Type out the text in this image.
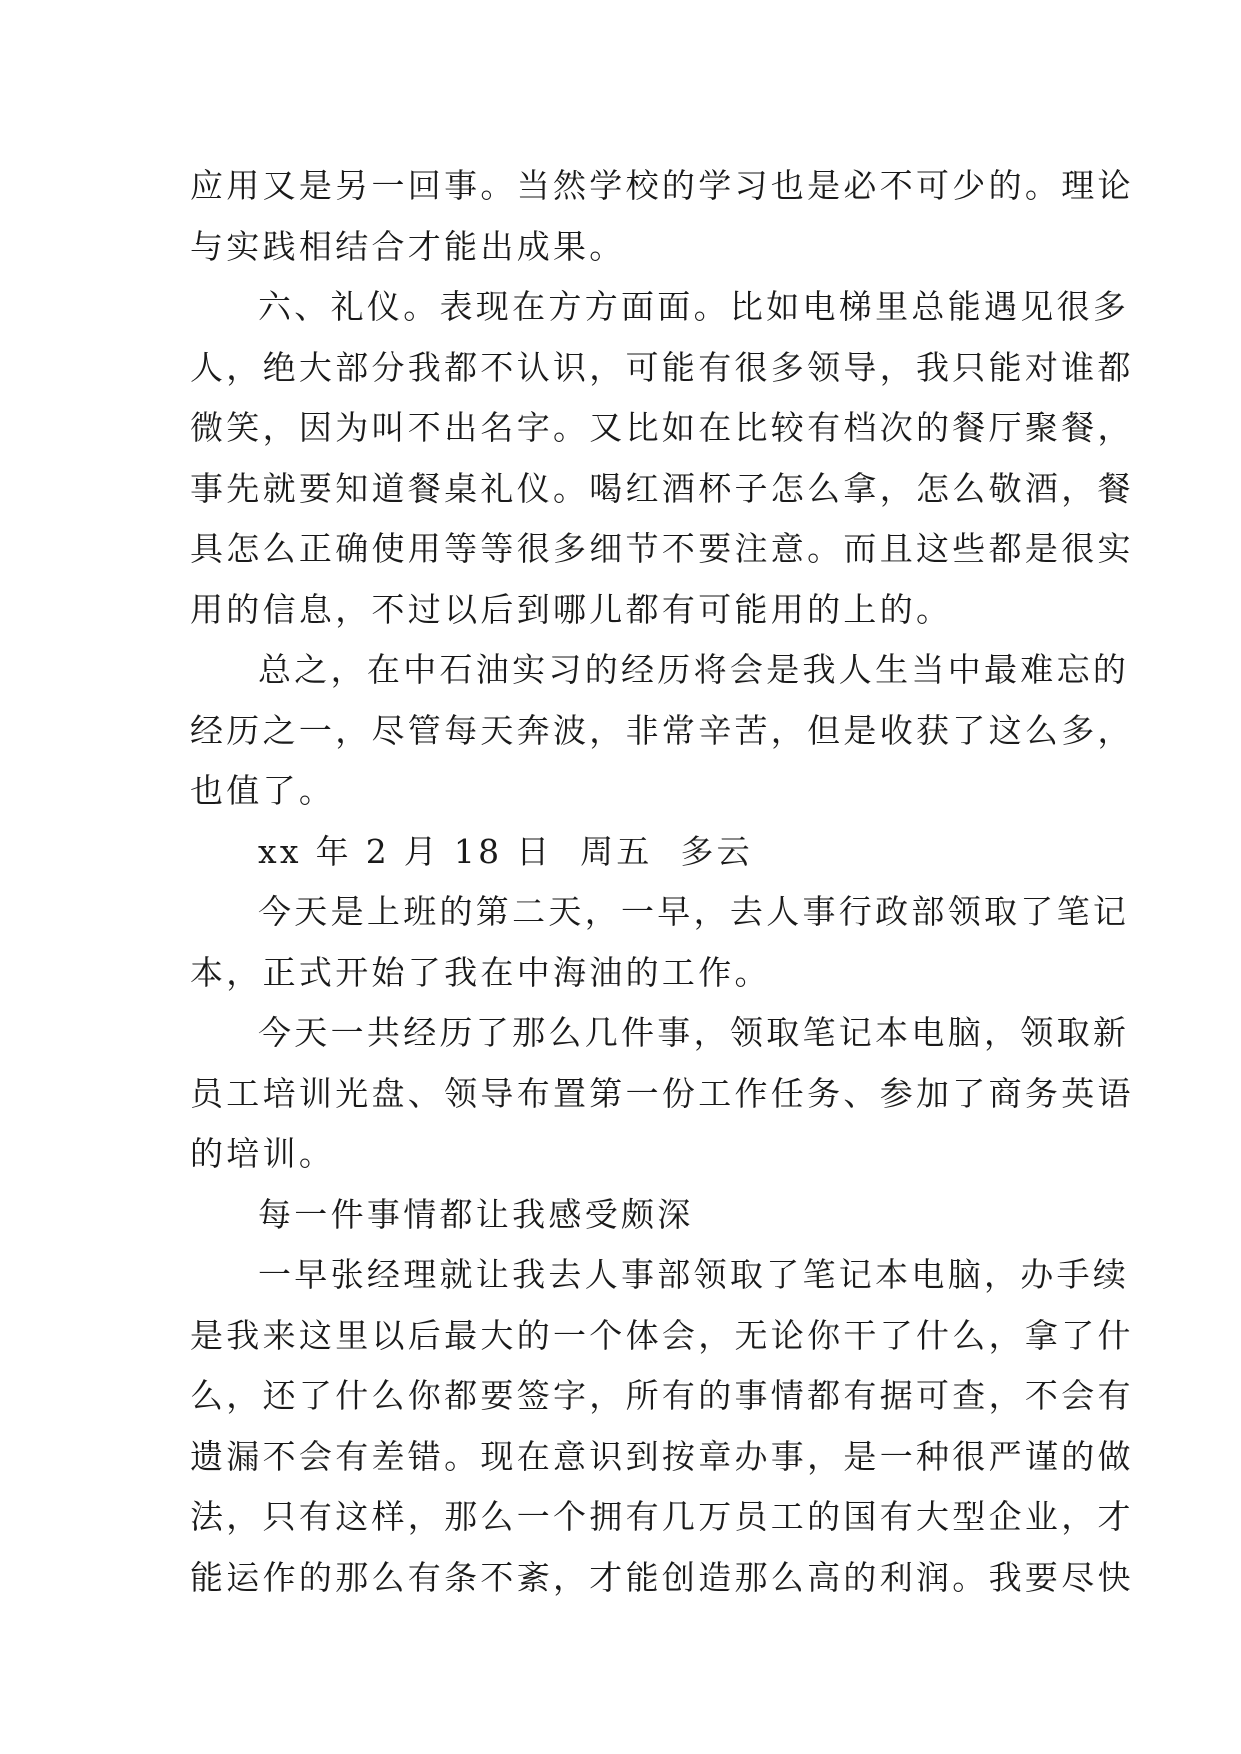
应用又是另一回事。当然学校的学习也是必不可少的。理论
与实践相结合才能出成果。
六、礼仪。表现在方方面面。比如电梯里总能遇见很多
人，绝大部分我都不认识，可能有很多领导，我只能对谁都
微笑，因为叫不出名字。又比如在比较有档次的餐厅聚餐，
事先就要知道餐桌礼仪。喝红酒杯子怎么拿，怎么敬酒，餐
具怎么正确使用等等很多细节不要注意。而且这些都是很实
用的信息，不过以后到哪儿都有可能用的上的。
总之，在中石油实习的经历将会是我人生当中最难忘的
经历之一，尽管每天奔波，非常辛苦，但是收获了这么多，
也值了。
xx 年 2 月 18 日  周五  多云
今天是上班的第二天，一早，去人事行政部领取了笔记
本，正式开始了我在中海油的工作。
今天一共经历了那么几件事，领取笔记本电脑，领取新
员工培训光盘、领导布置第一份工作任务、参加了商务英语
的培训。
每一件事情都让我感受颇深
一早张经理就让我去人事部领取了笔记本电脑，办手续
是我来这里以后最大的一个体会，无论你干了什么，拿了什
么，还了什么你都要签字，所有的事情都有据可查，不会有
遗漏不会有差错。现在意识到按章办事，是一种很严谨的做
法，只有这样，那么一个拥有几万员工的国有大型企业，才
能运作的那么有条不紊，才能创造那么高的利润。我要尽快
